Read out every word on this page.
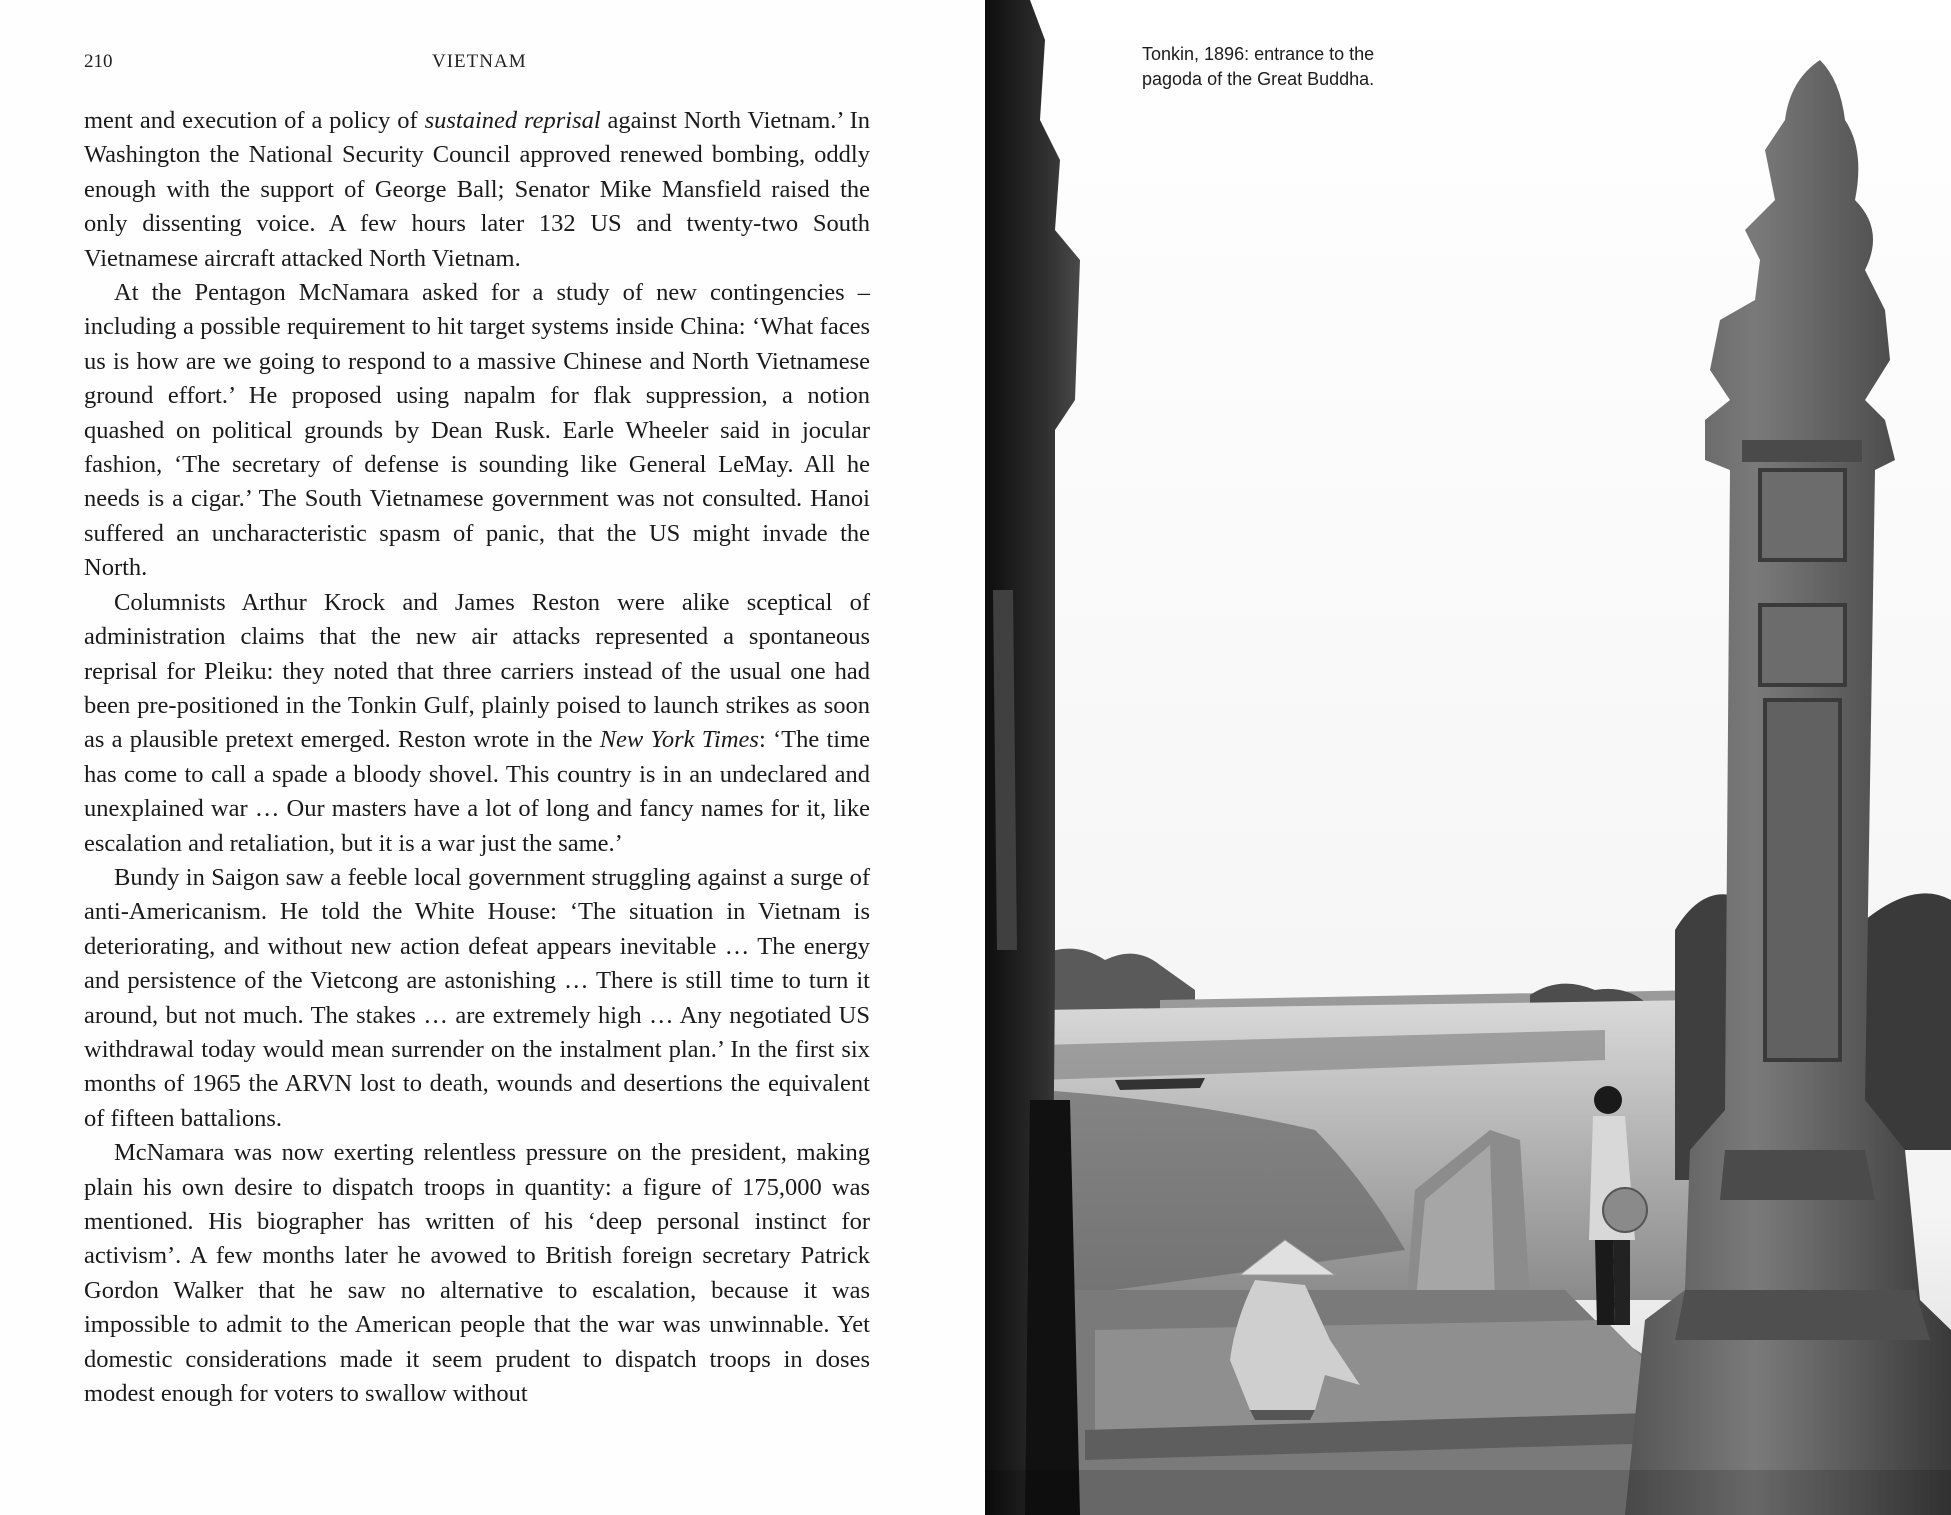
210	VIETNAM

ment and execution of a policy of sustained reprisal against North Vietnam.’ In Washington the National Security Council approved renewed bombing, oddly enough with the support of George Ball; Senator Mike Mansfield raised the only dissenting voice. A few hours later 132 US and twenty-two South Vietnamese aircraft attacked North Vietnam.

At the Pentagon McNamara asked for a study of new contingencies – including a possible requirement to hit target systems inside China: ‘What faces us is how are we going to respond to a massive Chinese and North Vietnamese ground effort.’ He proposed using napalm for flak suppression, a notion quashed on political grounds by Dean Rusk. Earle Wheeler said in jocular fashion, ‘The secretary of defense is sounding like General LeMay. All he needs is a cigar.’ The South Vietnamese government was not consulted. Hanoi suffered an uncharacteristic spasm of panic, that the US might invade the North.

Columnists Arthur Krock and James Reston were alike sceptical of administration claims that the new air attacks represented a spontaneous reprisal for Pleiku: they noted that three carriers instead of the usual one had been pre-positioned in the Tonkin Gulf, plainly poised to launch strikes as soon as a plausible pretext emerged. Reston wrote in the New York Times: ‘The time has come to call a spade a bloody shovel. This country is in an undeclared and unexplained war … Our masters have a lot of long and fancy names for it, like escalation and retaliation, but it is a war just the same.’

Bundy in Saigon saw a feeble local government struggling against a surge of anti-Americanism. He told the White House: ‘The situation in Vietnam is deteriorating, and without new action defeat appears inevitable … The energy and persistence of the Vietcong are astonishing … There is still time to turn it around, but not much. The stakes … are extremely high … Any negotiated US withdrawal today would mean surrender on the instalment plan.’ In the first six months of 1965 the ARVN lost to death, wounds and desertions the equivalent of fifteen battalions.

McNamara was now exerting relentless pressure on the president, making plain his own desire to dispatch troops in quantity: a figure of 175,000 was mentioned. His biographer has written of his ‘deep personal instinct for activism’. A few months later he avowed to British foreign secretary Patrick Gordon Walker that he saw no alternative to escalation, because it was impossible to admit to the American people that the war was unwinnable. Yet domestic considerations made it seem prudent to dispatch troops in doses modest enough for voters to swallow without

Tonkin, 1896: entrance to the
pagoda of the Great Buddha.
